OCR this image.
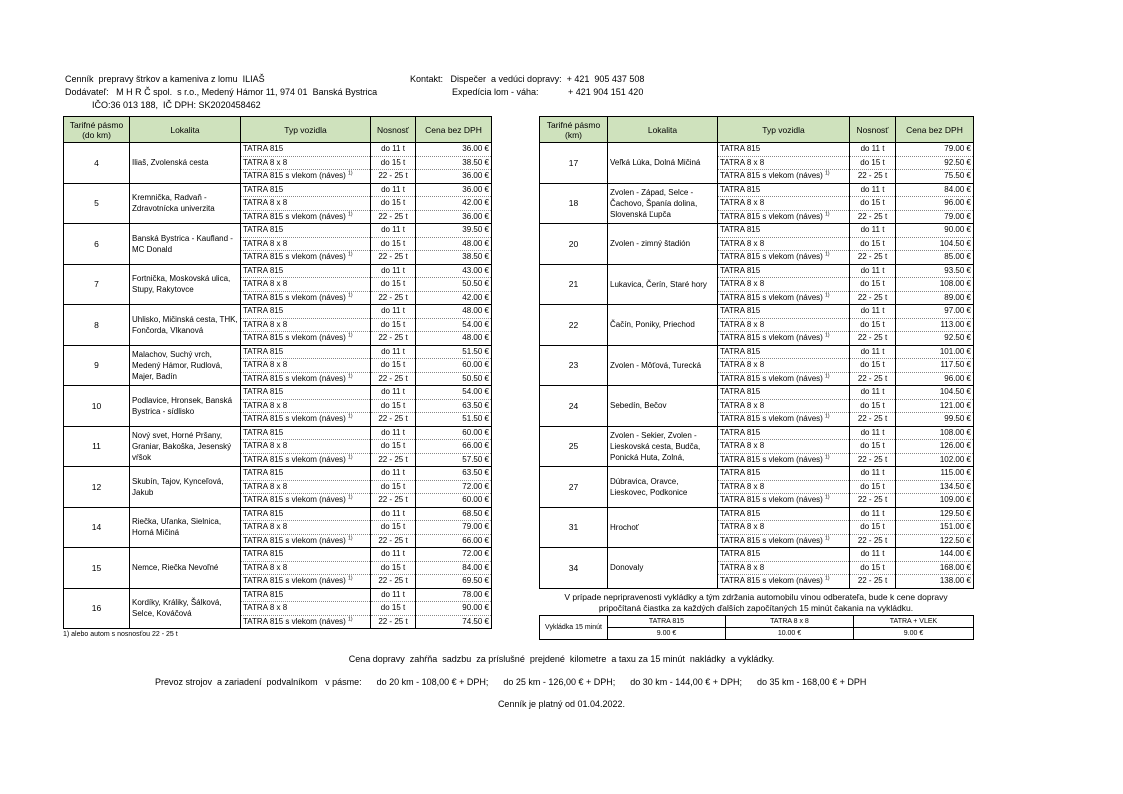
Cenník  prepravy štrkov a kameniva z lomu  ILIAŠ
Dodávateľ:   M H R Č spol.  s r.o., Medený Hámor 11, 974 01  Banská Bystrica
IČO:36 013 188,  IČ DPH: SK2020458462
Kontakt:   Dispečer  a vedúci dopravy:  + 421  905 437 508
Expedícia lom - váha:	+ 421 904 151 420
Tarifné pásmo (do km)	Lokalita	Typ vozidla	Nosnosť	Cena bez DPH
4	Iliaš, Zvolenská cesta	TATRA 815	do 11 t	36.00 €
		TATRA 8 x 8	do 15 t	38.50 €
		TATRA 815 s vlekom (náves) $^{1)}$	22 - 25 t	36.00 €
5	Kremnička, Radvaň - Zdravotnícka univerzita	TATRA 815	do 11 t	36.00 €
		TATRA 8 x 8	do 15 t	42.00 €
		TATRA 815 s vlekom (náves) $^{1)}$	22 - 25 t	36.00 €
6	Banská Bystrica - Kaufland - MC Donald	TATRA 815	do 11 t	39.50 €
		TATRA 8 x 8	do 15 t	48.00 €
		TATRA 815 s vlekom (náves) $^{1)}$	22 - 25 t	38.50 €
7	Fortnička, Moskovská ulica, Stupy, Rakytovce	TATRA 815	do 11 t	43.00 €
		TATRA 8 x 8	do 15 t	50.50 €
		TATRA 815 s vlekom (náves) $^{1)}$	22 - 25 t	42.00 €
8	Uhlisko, Mičinská cesta, THK, Fončorda, Vlkanová	TATRA 815	do 11 t	48.00 €
		TATRA 8 x 8	do 15 t	54.00 €
		TATRA 815 s vlekom (náves) $^{1)}$	22 - 25 t	48.00 €
9	Malachov, Suchý vrch, Medený Hámor, Rudlová, Majer, Badín	TATRA 815	do 11 t	51.50 €
		TATRA 8 x 8	do 15 t	60.00 €
		TATRA 815 s vlekom (náves) $^{1)}$	22 - 25 t	50.50 €
10	Podlavice, Hronsek, Banská Bystrica - sídlisko	TATRA 815	do 11 t	54.00 €
		TATRA 8 x 8	do 15 t	63.50 €
		TATRA 815 s vlekom (náves) $^{1)}$	22 - 25 t	51.50 €
11	Nový svet, Horné Pršany, Graniar, Bakoška, Jesenský vŕšok	TATRA 815	do 11 t	60.00 €
		TATRA 8 x 8	do 15 t	66.00 €
		TATRA 815 s vlekom (náves) $^{1)}$	22 - 25 t	57.50 €
12	Skubín, Tajov, Kynceľová, Jakub	TATRA 815	do 11 t	63.50 €
		TATRA 8 x 8	do 15 t	72.00 €
		TATRA 815 s vlekom (náves) $^{1)}$	22 - 25 t	60.00 €
14	Riečka, Uľanka, Sielnica, Horná Mičiná	TATRA 815	do 11 t	68.50 €
		TATRA 8 x 8	do 15 t	79.00 €
		TATRA 815 s vlekom (náves) $^{1)}$	22 - 25 t	66.00 €
15	Nemce, Riečka Nevoľné	TATRA 815	do 11 t	72.00 €
		TATRA 8 x 8	do 15 t	84.00 €
		TATRA 815 s vlekom (náves) $^{1)}$	22 - 25 t	69.50 €
16	Kordíky, Králiky, Šálková, Selce, Kováčová	TATRA 815	do 11 t	78.00 €
		TATRA 8 x 8	do 15 t	90.00 €
		TATRA 815 s vlekom (náves) $^{1)}$	22 - 25 t	74.50 €
Tarifné pásmo (km)	Lokalita	Typ vozidla	Nosnosť	Cena bez DPH
17	Veľká Lúka, Dolná Mičiná	TATRA 815	do 11 t	79.00 €
		TATRA 8 x 8	do 15 t	92.50 €
		TATRA 815 s vlekom (náves) $^{1)}$	22 - 25 t	75.50 €
18	Zvolen - Západ, Selce - Čachovo, Španía dolina, Slovenská Ľupča	TATRA 815	do 11 t	84.00 €
		TATRA 8 x 8	do 15 t	96.00 €
		TATRA 815 s vlekom (náves) $^{1)}$	22 - 25 t	79.00 €
20	Zvolen - zimný štadión	TATRA 815	do 11 t	90.00 €
		TATRA 8 x 8	do 15 t	104.50 €
		TATRA 815 s vlekom (náves) $^{1)}$	22 - 25 t	85.00 €
21	Lukavica, Čerín, Staré hory	TATRA 815	do 11 t	93.50 €
		TATRA 8 x 8	do 15 t	108.00 €
		TATRA 815 s vlekom (náves) $^{1)}$	22 - 25 t	89.00 €
22	Čačín, Poniky, Priechod	TATRA 815	do 11 t	97.00 €
		TATRA 8 x 8	do 15 t	113.00 €
		TATRA 815 s vlekom (náves) $^{1)}$	22 - 25 t	92.50 €
23	Zvolen - Môťová, Turecká	TATRA 815	do 11 t	101.00 €
		TATRA 8 x 8	do 15 t	117.50 €
		TATRA 815 s vlekom (náves) $^{1)}$	22 - 25 t	96.00 €
24	Sebedín, Bečov	TATRA 815	do 11 t	104.50 €
		TATRA 8 x 8	do 15 t	121.00 €
		TATRA 815 s vlekom (náves) $^{1)}$	22 - 25 t	99.50 €
25	Zvolen - Sekier, Zvolen - Lieskovská cesta, Budča, Ponická Huta, Zolná,	TATRA 815	do 11 t	108.00 €
		TATRA 8 x 8	do 15 t	126.00 €
		TATRA 815 s vlekom (náves) $^{1)}$	22 - 25 t	102.00 €
27	Dúbravica, Oravce, Lieskovec, Podkonice	TATRA 815	do 11 t	115.00 €
		TATRA 8 x 8	do 15 t	134.50 €
		TATRA 815 s vlekom (náves) $^{1)}$	22 - 25 t	109.00 €
31	Hrochoť	TATRA 815	do 11 t	129.50 €
		TATRA 8 x 8	do 15 t	151.00 €
		TATRA 815 s vlekom (náves) $^{1)}$	22 - 25 t	122.50 €
34	Donovaly	TATRA 815	do 11 t	144.00 €
		TATRA 8 x 8	do 15 t	168.00 €
		TATRA 815 s vlekom (náves) $^{1)}$	22 - 25 t	138.00 €
1) alebo autom s nosnosťou 22 - 25 t
V prípade nepripravenosti vykládky a tým zdržania automobilu vinou odberateľa, bude k cene dopravy
pripočítaná čiastka za každých ďalších započítaných 15 minút čakania na vykládku.
Vykládka 15 minút	TATRA 815	TATRA 8 x 8	TATRA + VLEK
	9.00 €	10.00 €	9.00 €
Cena dopravy  zahŕňa  sadzbu  za príslušné  prejdené  kilometre  a taxu za 15 minút  nakládky  a vykládky.
Prevoz strojov  a zariadení  podvalníkom   v pásme:      do 20 km - 108,00 € + DPH;      do 25 km - 126,00 € + DPH;      do 30 km - 144,00 € + DPH;      do 35 km - 168,00 € + DPH
Cenník je platný od 01.04.2022.
